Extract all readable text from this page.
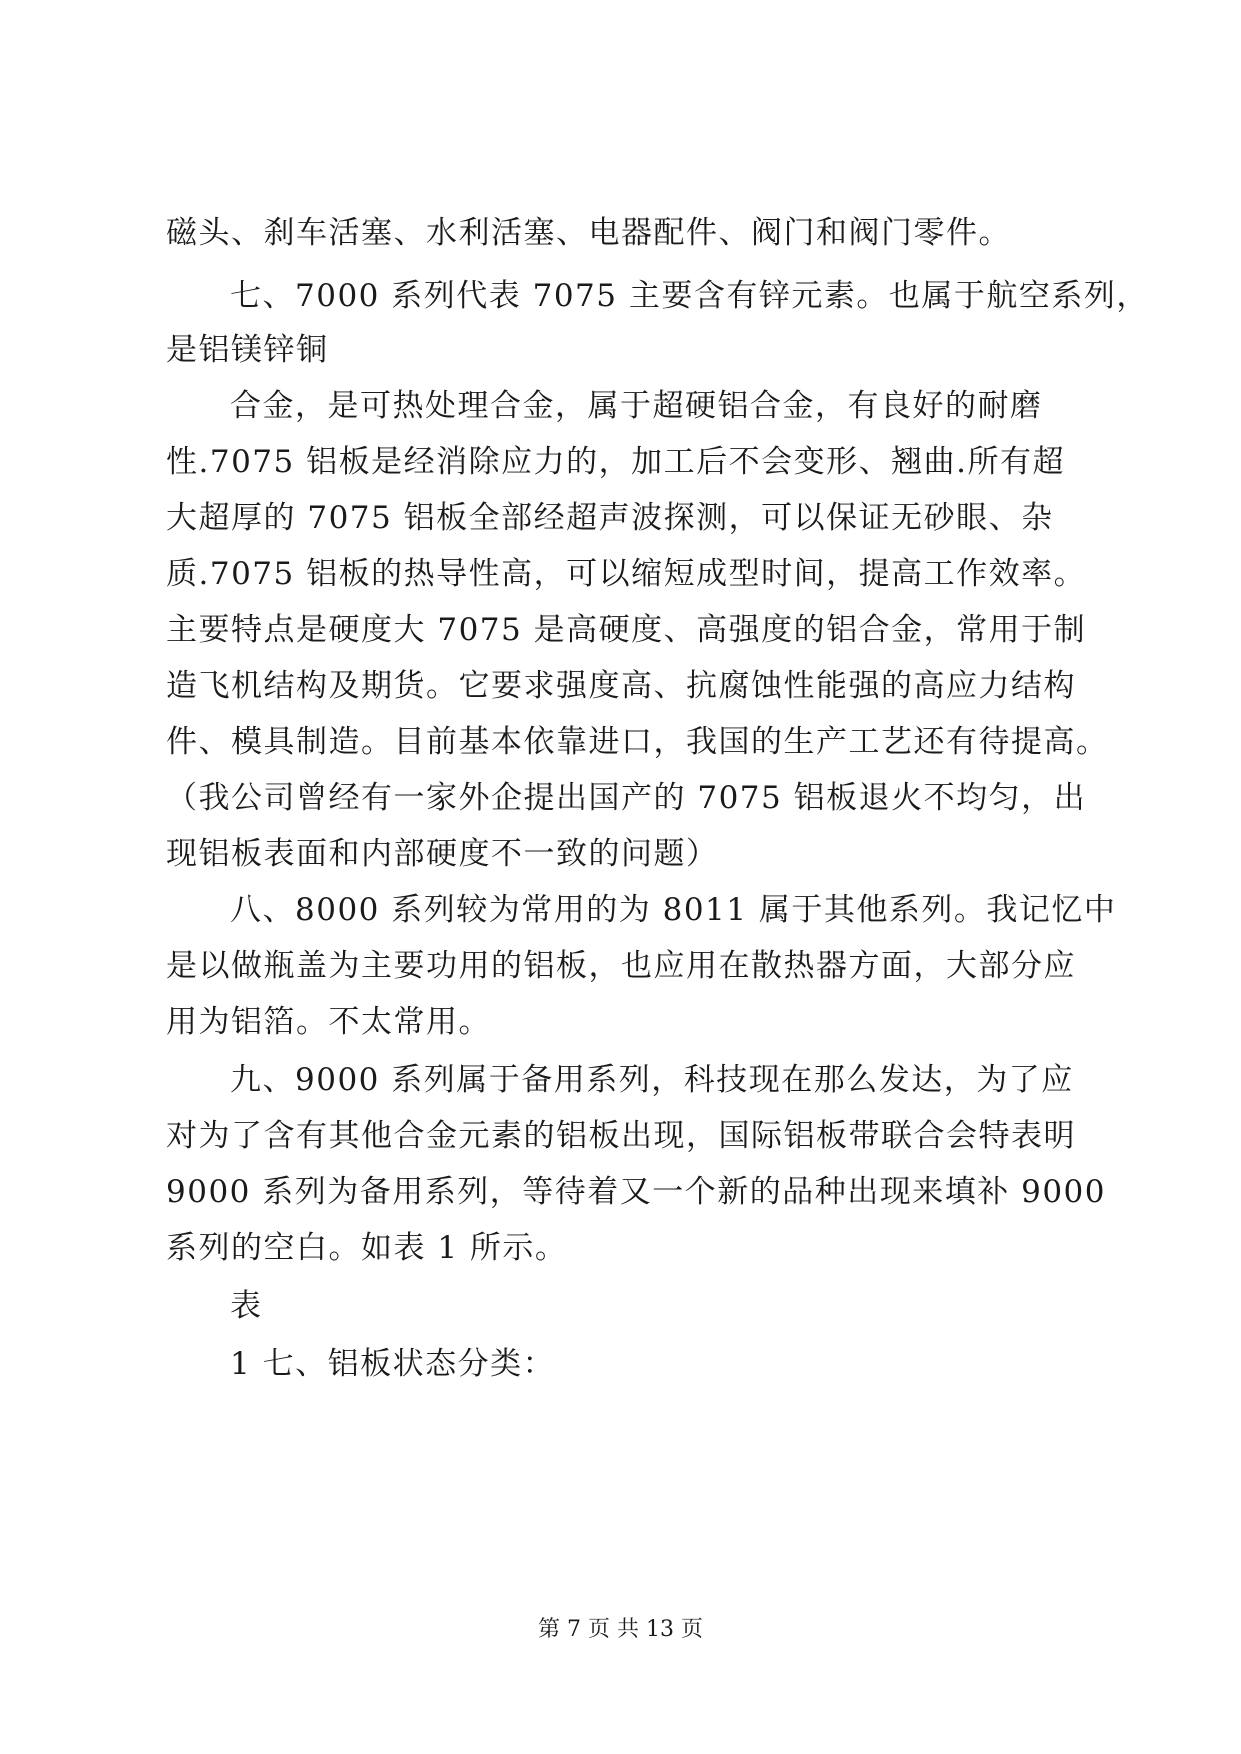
磁头、刹车活塞、水利活塞、电器配件、阀门和阀门零件。
七、7000 系列代表 7075 主要含有锌元素。也属于航空系列，
是铝镁锌铜
合金，是可热处理合金，属于超硬铝合金，有良好的耐磨
性.7075 铝板是经消除应力的，加工后不会变形、翘曲.所有超
大超厚的 7075 铝板全部经超声波探测，可以保证无砂眼、杂
质.7075 铝板的热导性高，可以缩短成型时间，提高工作效率。
主要特点是硬度大 7075 是高硬度、高强度的铝合金，常用于制
造飞机结构及期货。它要求强度高、抗腐蚀性能强的高应力结构
件、模具制造。目前基本依靠进口，我国的生产工艺还有待提高。
（我公司曾经有一家外企提出国产的 7075 铝板退火不均匀，出
现铝板表面和内部硬度不一致的问题）
八、8000 系列较为常用的为 8011 属于其他系列。我记忆中
是以做瓶盖为主要功用的铝板，也应用在散热器方面，大部分应
用为铝箔。不太常用。
九、9000 系列属于备用系列，科技现在那么发达，为了应
对为了含有其他合金元素的铝板出现，国际铝板带联合会特表明
9000 系列为备用系列，等待着又一个新的品种出现来填补 9000
系列的空白。如表 1 所示。
表
1 七、铝板状态分类：
第 7 页 共 13 页
